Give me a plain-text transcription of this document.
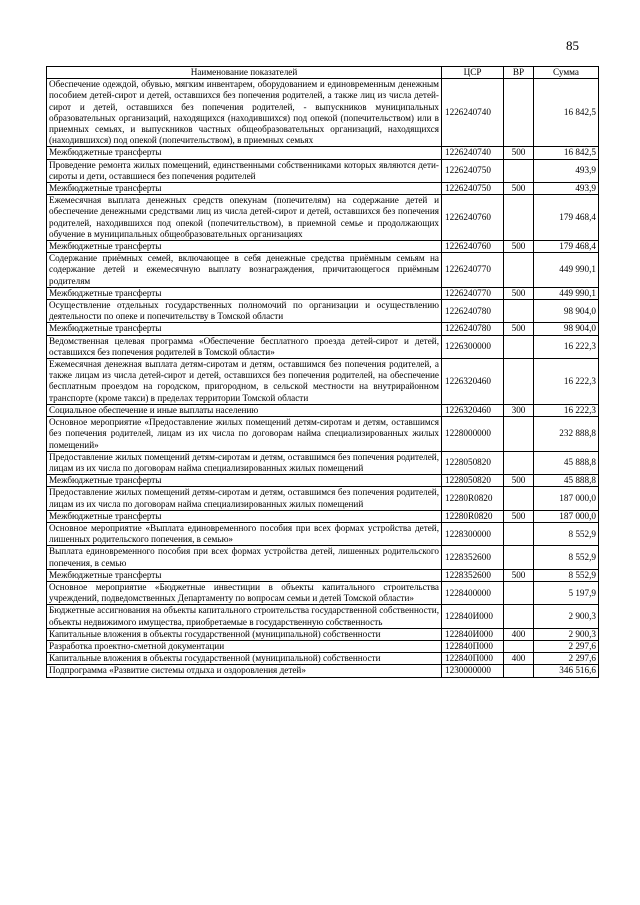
85
Наименование показателей	ЦСР	ВР	Сумма
Обеспечение одеждой, обувью, мягким инвентарем, оборудованием и единовременным денежным пособием детей-сирот и детей, оставшихся без попечения родителей, а также лиц из числа детей-сирот и детей, оставшихся без попечения родителей, - выпускников муниципальных образовательных организаций, находящихся (находившихся) под опекой (попечительством) или в приемных семьях, и выпускников частных общеобразовательных организаций, находящихся (находившихся) под опекой (попечительством), в приемных семьях	1226240740		16 842,5
Межбюджетные трансферты	1226240740	500	16 842,5
Проведение ремонта жилых помещений, единственными собственниками которых являются дети-сироты и дети, оставшиеся без попечения родителей	1226240750		493,9
Межбюджетные трансферты	1226240750	500	493,9
Ежемесячная выплата денежных средств опекунам (попечителям) на содержание детей и обеспечение денежными средствами лиц из числа детей-сирот и детей, оставшихся без попечения родителей, находившихся под опекой (попечительством), в приемной семье и продолжающих обучение в муниципальных общеобразовательных организациях	1226240760		179 468,4
Межбюджетные трансферты	1226240760	500	179 468,4
Содержание приёмных семей, включающее в себя денежные средства приёмным семьям на содержание детей и ежемесячную выплату вознаграждения, причитающегося приёмным родителям	1226240770		449 990,1
Межбюджетные трансферты	1226240770	500	449 990,1
Осуществление отдельных государственных полномочий по организации и осуществлению деятельности по опеке и попечительству в Томской области	1226240780		98 904,0
Межбюджетные трансферты	1226240780	500	98 904,0
Ведомственная целевая программа «Обеспечение бесплатного проезда детей-сирот и детей, оставшихся без попечения родителей в Томской области»	1226300000		16 222,3
Ежемесячная денежная выплата детям-сиротам и детям, оставшимся без попечения родителей, а также лицам из числа детей-сирот и детей, оставшихся без попечения родителей, на обеспечение бесплатным проездом на городском, пригородном, в сельской местности на внутрирайонном транспорте (кроме такси) в пределах территории Томской области	1226320460		16 222,3
Социальное обеспечение и иные выплаты населению	1226320460	300	16 222,3
Основное мероприятие «Предоставление жилых помещений детям-сиротам и детям, оставшимся без попечения родителей, лицам из их числа по договорам найма специализированных жилых помещений»	1228000000		232 888,8
Предоставление жилых помещений детям-сиротам и детям, оставшимся без попечения родителей, лицам из их числа по договорам найма специализированных жилых помещений	1228050820		45 888,8
Межбюджетные трансферты	1228050820	500	45 888,8
Предоставление жилых помещений детям-сиротам и детям, оставшимся без попечения родителей, лицам из их числа по договорам найма специализированных жилых помещений	12280R0820		187 000,0
Межбюджетные трансферты	12280R0820	500	187 000,0
Основное мероприятие «Выплата единовременного пособия при всех формах устройства детей, лишенных родительского попечения, в семью»	1228300000		8 552,9
Выплата единовременного пособия при всех формах устройства детей, лишенных родительского попечения, в семью	1228352600		8 552,9
Межбюджетные трансферты	1228352600	500	8 552,9
Основное мероприятие «Бюджетные инвестиции в объекты капитального строительства учреждений, подведомственных Департаменту по вопросам семьи и детей Томской области»	1228400000		5 197,9
Бюджетные ассигнования на объекты капитального строительства государственной собственности, объекты недвижимого имущества, приобретаемые в государственную собственность	122840И000		2 900,3
Капитальные вложения в объекты государственной (муниципальной) собственности	122840И000	400	2 900,3
Разработка проектно-сметной документации	122840П000		2 297,6
Капитальные вложения в объекты государственной (муниципальной) собственности	122840П000	400	2 297,6
Подпрограмма «Развитие системы отдыха и оздоровления детей»	1230000000		346 516,6
